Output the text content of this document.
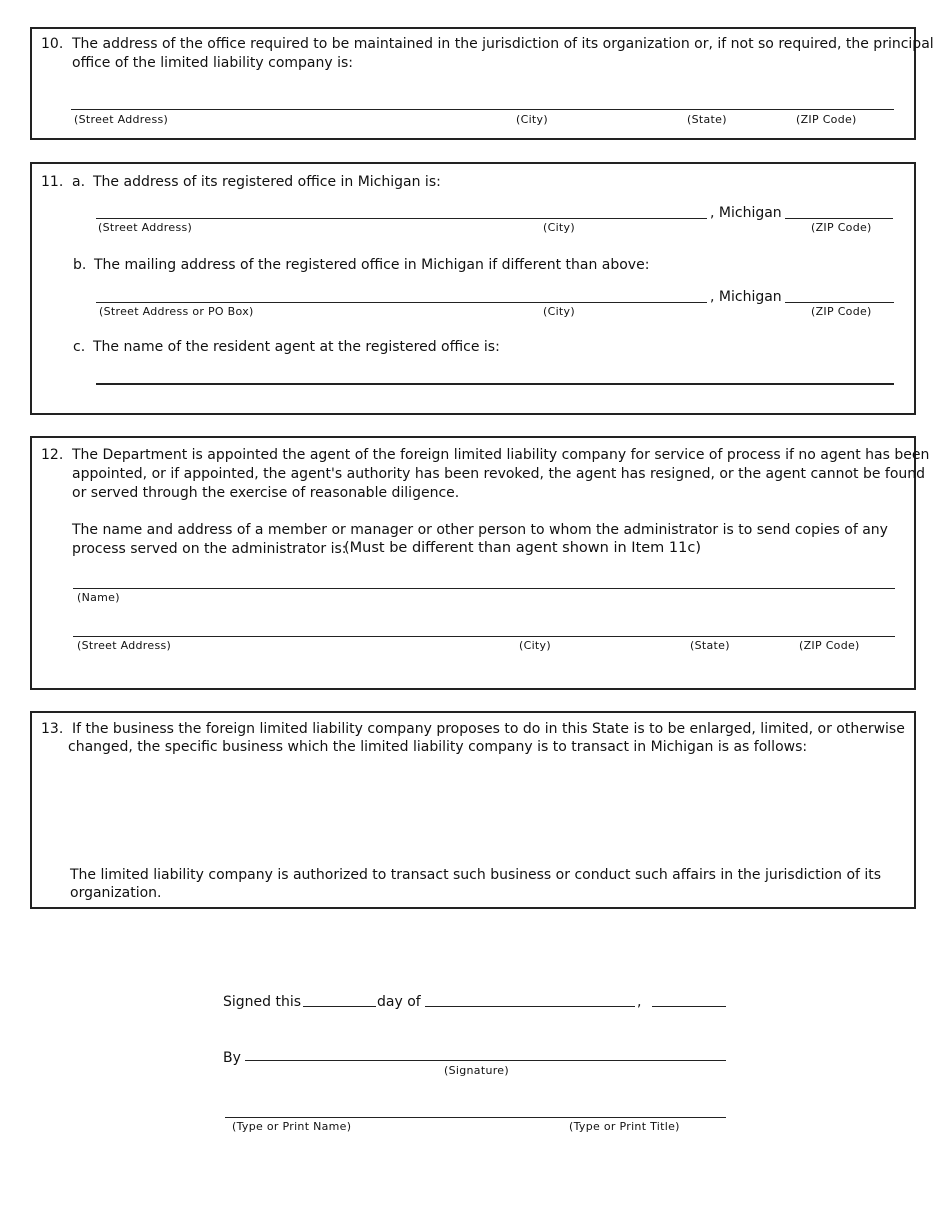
10. The address of the office required to be maintained in the jurisdiction of its organization or, if not so required, the principal
office of the limited liability company is:
(Street Address)	(City)	(State)	(ZIP Code)
11. a. The address of its registered office in Michigan is:
, Michigan
(Street Address)	(City)	(ZIP Code)
b. The mailing address of the registered office in Michigan if different than above:
, Michigan
(Street Address or PO Box)	(City)	(ZIP Code)
c. The name of the resident agent at the registered office is:
12. The Department is appointed the agent of the foreign limited liability company for service of process if no agent has been
appointed, or if appointed, the agent's authority has been revoked, the agent has resigned, or the agent cannot be found
or served through the exercise of reasonable diligence.
The name and address of a member or manager or other person to whom the administrator is to send copies of any
process served on the administrator is:
(Must be different than agent shown in Item 11c)
(Name)
(Street Address)	(City)	(State)	(ZIP Code)
13. If the business the foreign limited liability company proposes to do in this State is to be enlarged, limited, or otherwise
changed, the specific business which the limited liability company is to transact in Michigan is as follows:
The limited liability company is authorized to transact such business or conduct such affairs in the jurisdiction of its
organization.
Signed this	day of	,
By
(Signature)
(Type or Print Name)	(Type or Print Title)
